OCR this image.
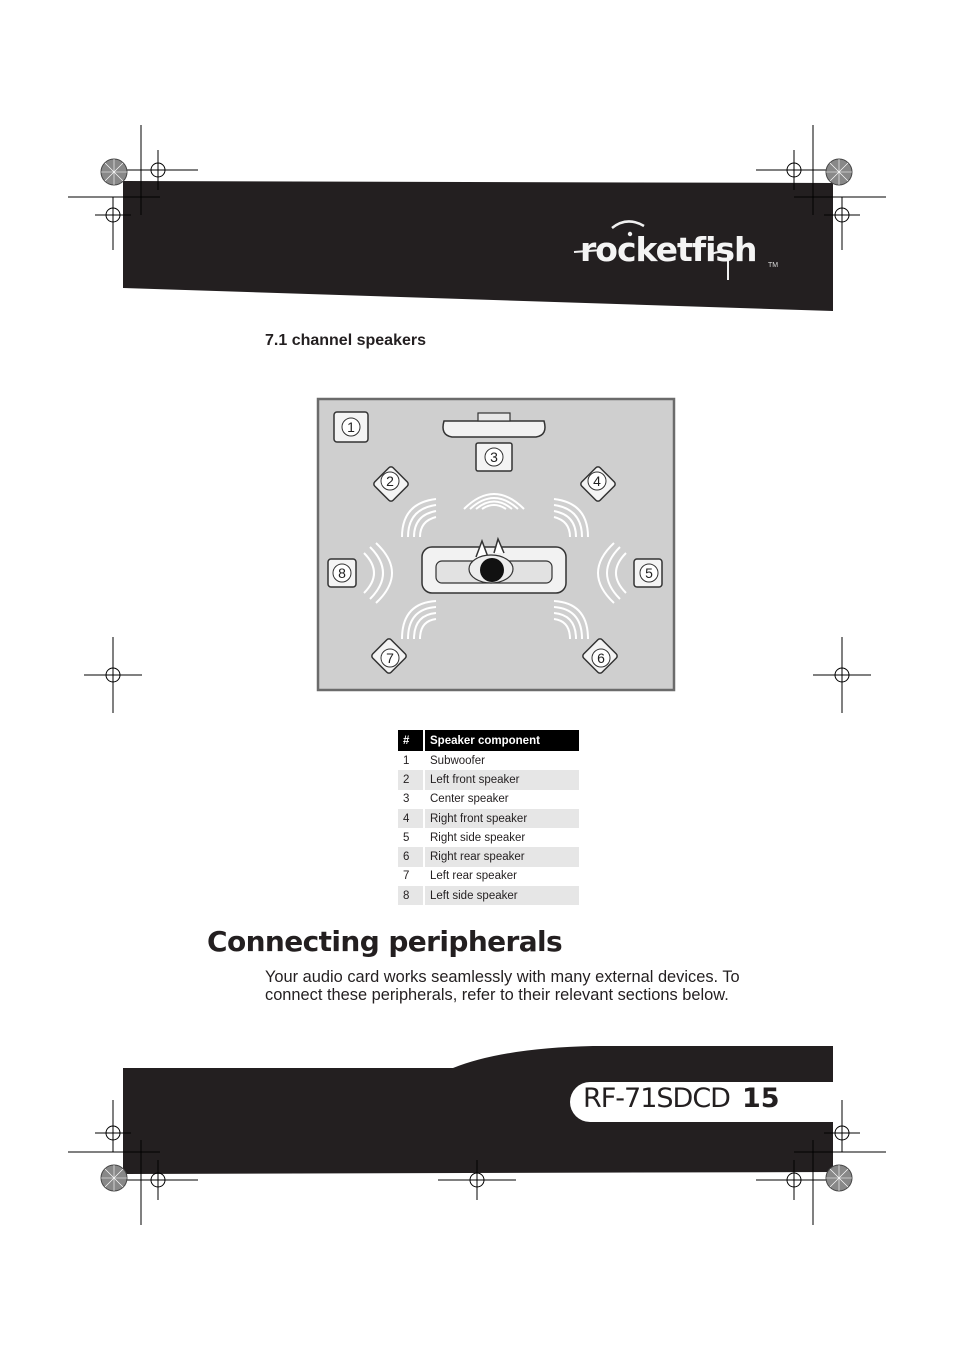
rocketfish TM
7.1 channel speakers
1
2
3
4
5
6
7
8
#		Speaker component
1		Subwoofer
2		Left front speaker
3		Center speaker
4		Right front speaker
5		Right side speaker
6		Right rear speaker
7		Left rear speaker
8		Left side speaker
Connecting peripherals

Your audio card works seamlessly with many external devices. To connect these peripherals, refer to their relevant sections below.

RF-71SDCD 15
